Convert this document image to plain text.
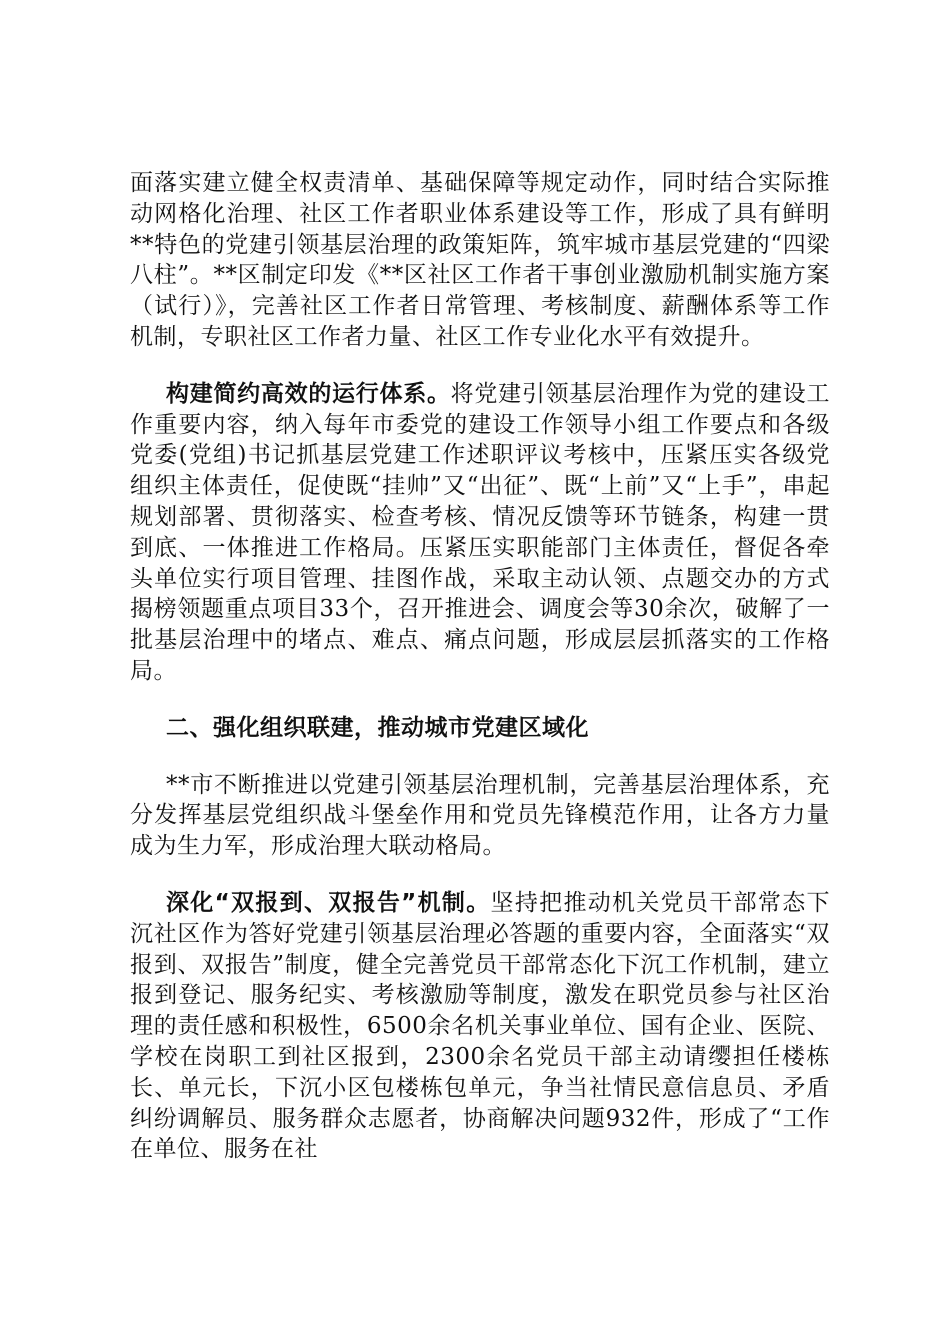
面落实建立健全权责清单、基础保障等规定动作，同时结合实际推动网格化治理、社区工作者职业体系建设等工作，形成了具有鲜明**特色的党建引领基层治理的政策矩阵，筑牢城市基层党建的“四梁八柱”。**区制定印发《**区社区工作者干事创业激励机制实施方案（试行）》，完善社区工作者日常管理、考核制度、薪酬体系等工作机制，专职社区工作者力量、社区工作专业化水平有效提升。

构建简约高效的运行体系。将党建引领基层治理作为党的建设工作重要内容，纳入每年市委党的建设工作领导小组工作要点和各级党委(党组)书记抓基层党建工作述职评议考核中，压紧压实各级党组织主体责任，促使既“挂帅”又“出征”、既“上前”又“上手”，串起规划部署、贯彻落实、检查考核、情况反馈等环节链条，构建一贯到底、一体推进工作格局。压紧压实职能部门主体责任，督促各牵头单位实行项目管理、挂图作战，采取主动认领、点题交办的方式揭榜领题重点项目33个，召开推进会、调度会等30余次，破解了一批基层治理中的堵点、难点、痛点问题，形成层层抓落实的工作格局。

二、强化组织联建，推动城市党建区域化

**市不断推进以党建引领基层治理机制，完善基层治理体系，充分发挥基层党组织战斗堡垒作用和党员先锋模范作用，让各方力量成为生力军，形成治理大联动格局。

深化“双报到、双报告”机制。坚持把推动机关党员干部常态下沉社区作为答好党建引领基层治理必答题的重要内容，全面落实“双报到、双报告”制度，健全完善党员干部常态化下沉工作机制，建立报到登记、服务纪实、考核激励等制度，激发在职党员参与社区治理的责任感和积极性，6500余名机关事业单位、国有企业、医院、学校在岗职工到社区报到，2300余名党员干部主动请缨担任楼栋长、单元长，下沉小区包楼栋包单元，争当社情民意信息员、矛盾纠纷调解员、服务群众志愿者，协商解决问题932件，形成了“工作在单位、服务在社
